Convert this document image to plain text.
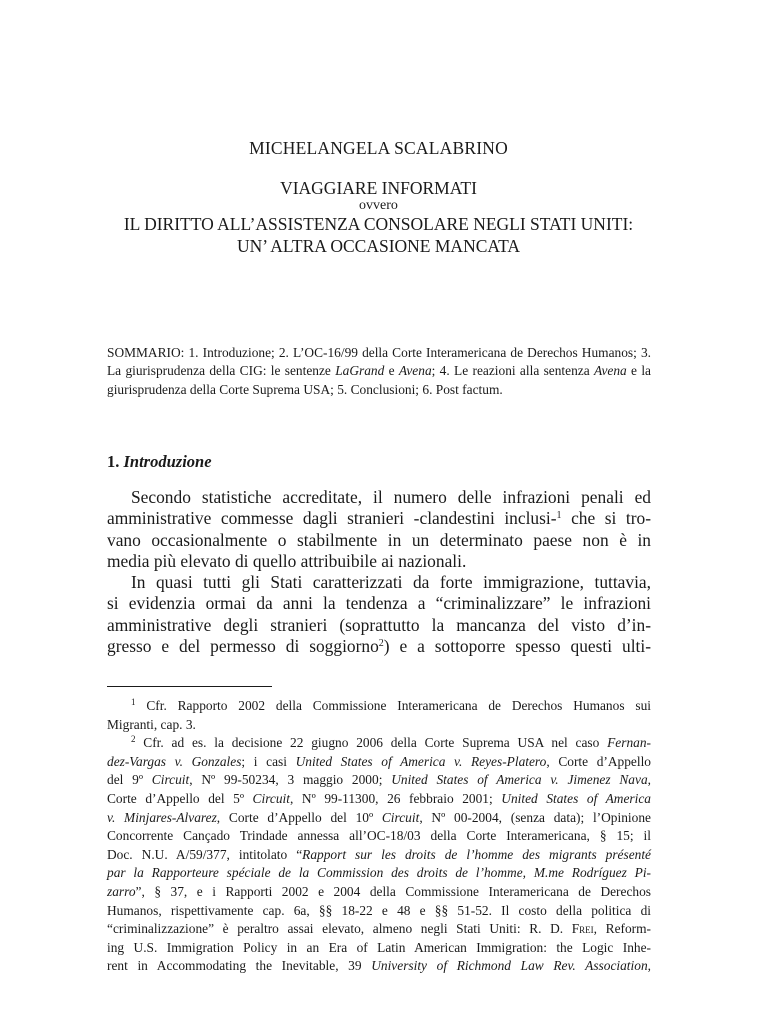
MICHELANGELA SCALABRINO
VIAGGIARE INFORMATI
ovvero
IL DIRITTO ALL’ASSISTENZA CONSOLARE NEGLI STATI UNITI:
UN’ ALTRA OCCASIONE MANCATA
SOMMARIO: 1. Introduzione; 2. L’OC-16/99 della Corte Interamericana de Derechos Humanos; 3. La giurisprudenza della CIG: le sentenze LaGrand e Avena; 4. Le reazioni alla sentenza Avena e la giurisprudenza della Corte Suprema USA; 5. Conclusioni; 6. Post factum.
1. Introduzione
Secondo statistiche accreditate, il numero delle infrazioni penali ed
amministrative commesse dagli stranieri -clandestini inclusi-$^1$ che si tro-
vano occasionalmente o stabilmente in un determinato paese non è in
media più elevato di quello attribuibile ai nazionali.
In quasi tutti gli Stati caratterizzati da forte immigrazione, tuttavia,
si evidenzia ormai da anni la tendenza a “criminalizzare” le infrazioni
amministrative degli stranieri (soprattutto la mancanza del visto d’in-
gresso e del permesso di soggiorno$^2$) e a sottoporre spesso questi ulti-
$^1$ Cfr. Rapporto 2002 della Commissione Interamericana de Derechos Humanos sui
Migranti, cap. 3.
$^2$ Cfr. ad es. la decisione 22 giugno 2006 della Corte Suprema USA nel caso Fernan-
dez-Vargas v. Gonzales; i casi United States of America v. Reyes-Platero, Corte d’Appello
del 9º Circuit, Nº 99-50234, 3 maggio 2000; United States of America v. Jimenez Nava,
Corte d’Appello del 5º Circuit, Nº 99-11300, 26 febbraio 2001; United States of America
v. Minjares-Alvarez, Corte d’Appello del 10º Circuit, Nº 00-2004, (senza data); l’Opinione
Concorrente Cançado Trindade annessa all’OC-18/03 della Corte Interamericana, § 15; il
Doc. N.U. A/59/377, intitolato “Rapport sur les droits de l’homme des migrants présenté
par la Rapporteure spéciale de la Commission des droits de l’homme, M.me Rodríguez Pi-
zarro”, § 37, e i Rapporti 2002 e 2004 della Commissione Interamericana de Derechos
Humanos, rispettivamente cap. 6a, §§ 18-22 e 48 e §§ 51-52. Il costo della politica di
“criminalizzazione” è peraltro assai elevato, almeno negli Stati Uniti: R. D. Frei, Reform-
ing U.S. Immigration Policy in an Era of Latin American Immigration: the Logic Inhe-
rent in Accommodating the Inevitable, 39 University of Richmond Law Rev. Association,
